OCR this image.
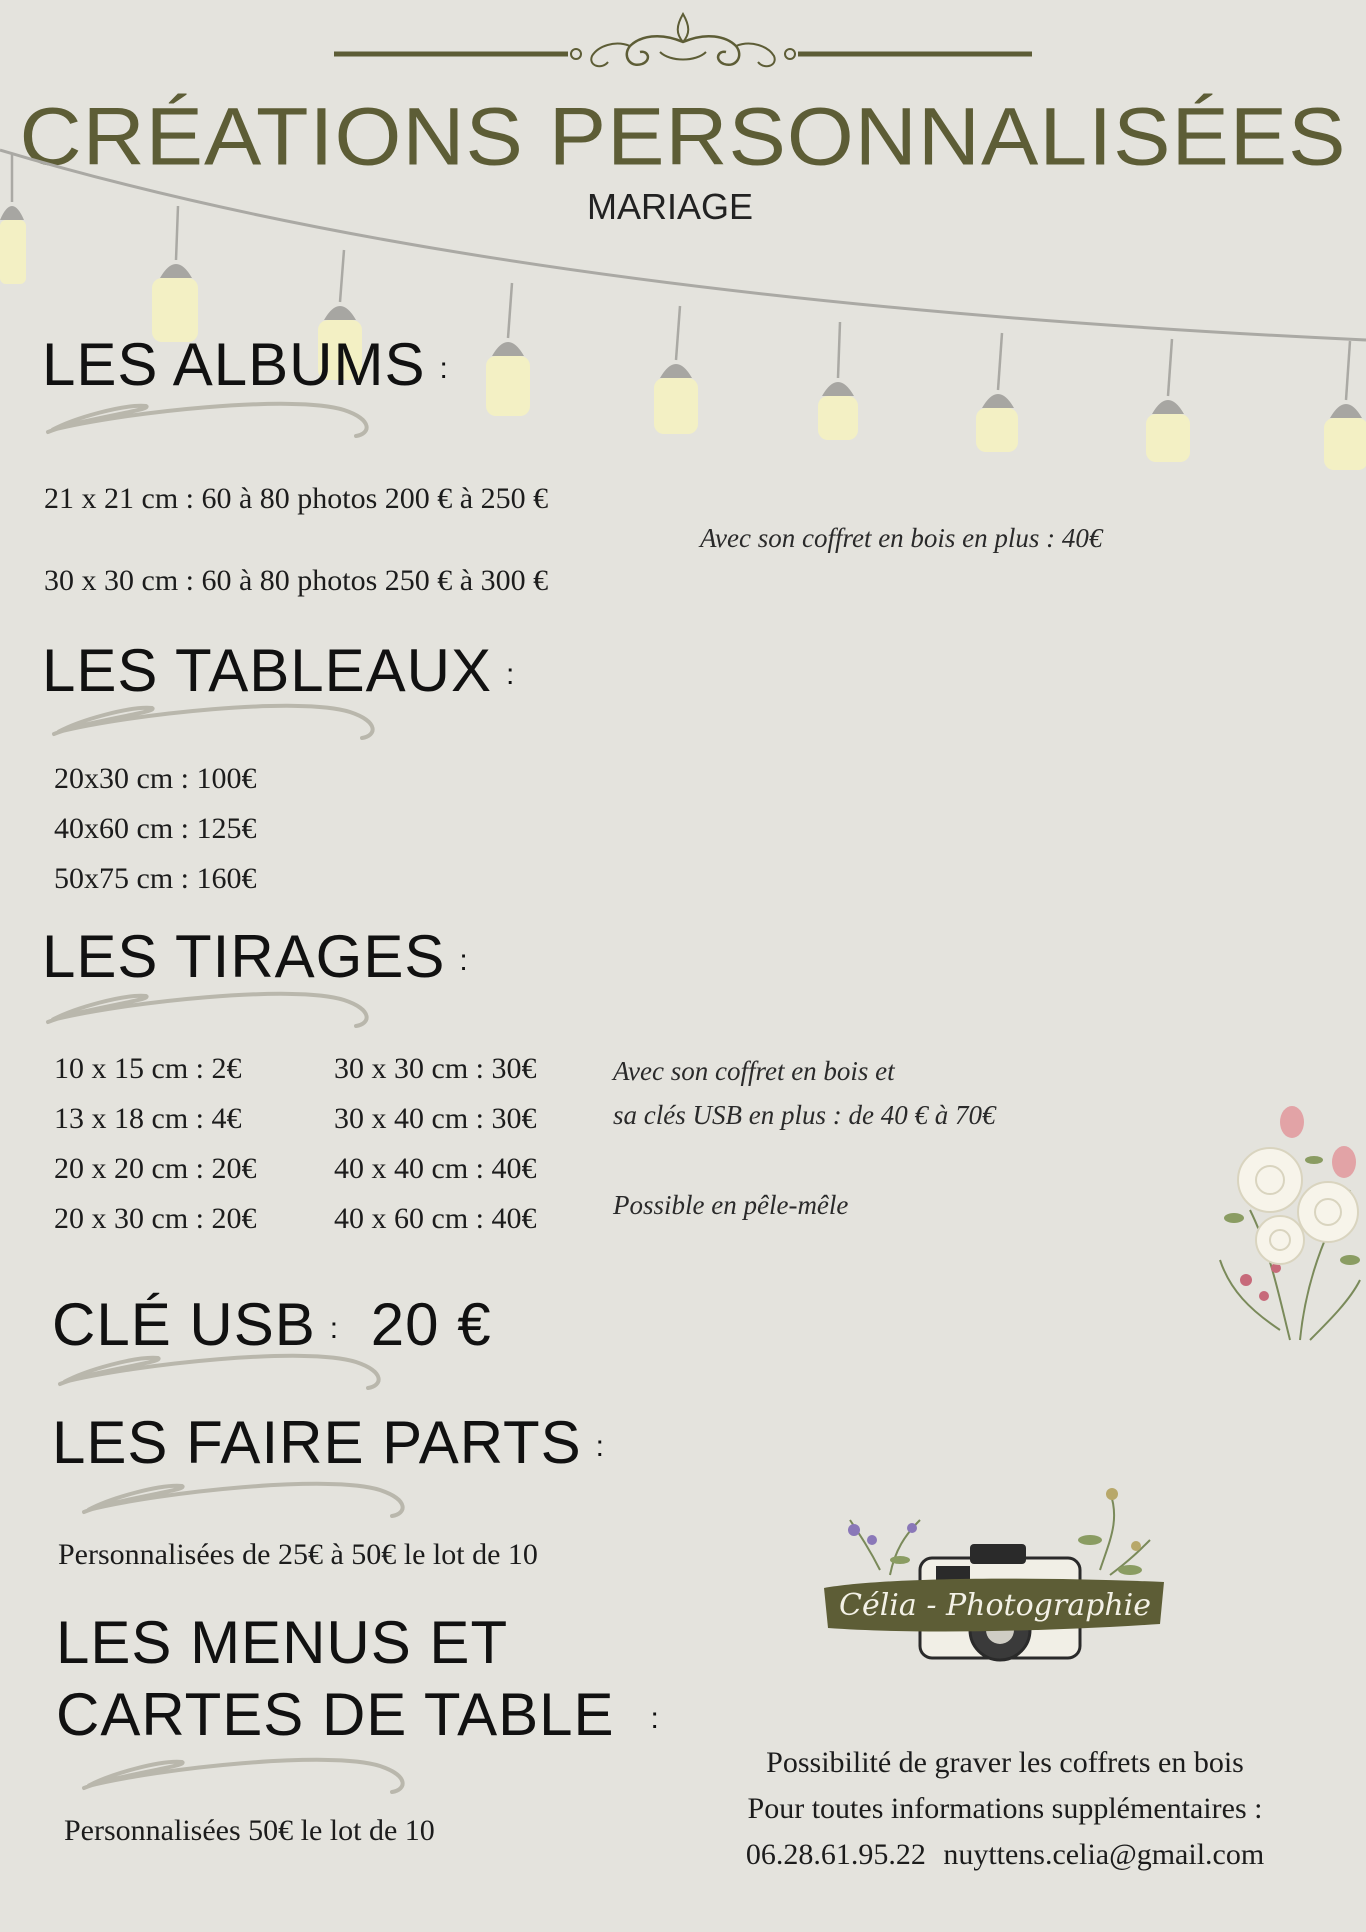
CRÉATIONS PERSONNALISÉES
MARIAGE
LES ALBUMS :
21 x 21 cm : 60 à 80 photos 200 € à 250 €
30 x 30 cm : 60 à 80 photos 250 € à 300 €
Avec son coffret en bois en plus : 40€
LES TABLEAUX :
20x30 cm : 100€
40x60 cm : 125€
50x75 cm : 160€
LES TIRAGES :
10 x 15 cm : 2€
13 x 18 cm : 4€
20 x 20 cm : 20€
20 x 30 cm : 20€
30 x 30 cm : 30€
30 x 40 cm : 30€
40 x 40 cm : 40€
40 x 60 cm : 40€
Avec son coffret en bois et
sa clés USB en plus : de 40 € à 70€
Possible en pêle-mêle
CLÉ USB : 20 €
LES FAIRE PARTS :
Personnalisées de 25€ à 50€ le lot de 10
LES MENUS ET
CARTES DE TABLE :
Personnalisées 50€ le lot de 10
Célia - Photographie
Possibilité de graver les coffrets en bois
Pour toutes informations supplémentaires :
06.28.61.95.22 nuyttens.celia@gmail.com
